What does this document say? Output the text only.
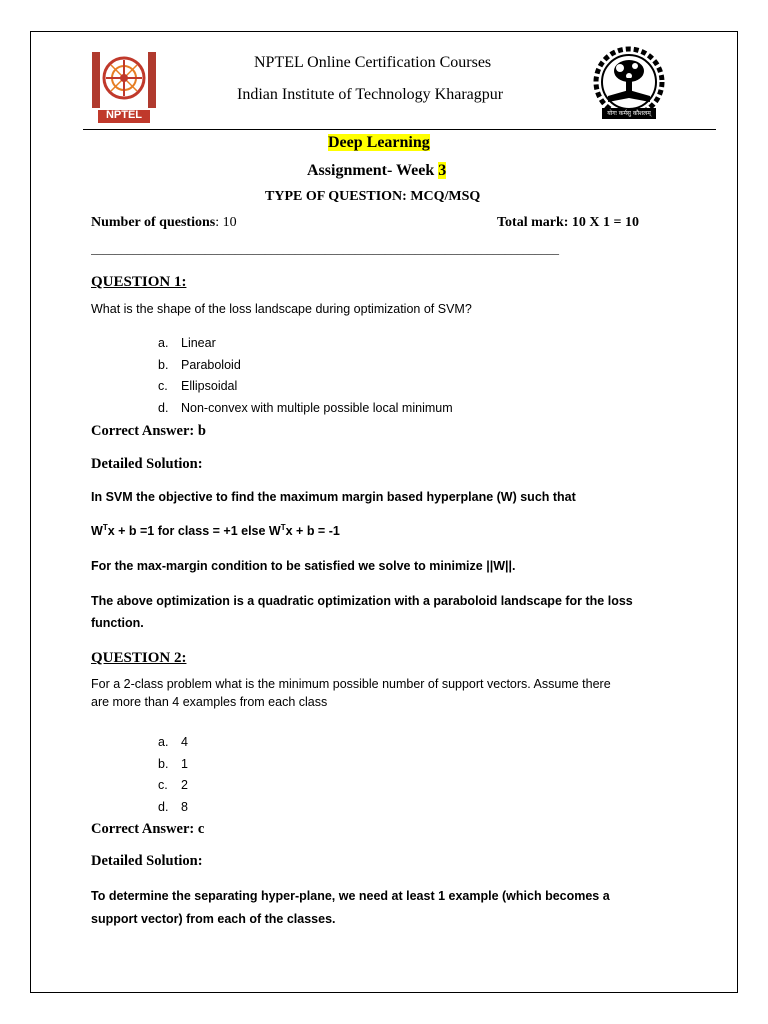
NPTEL	योगः कर्मसु कौशलम्
NPTEL Online Certification Courses
Indian Institute of Technology Kharagpur
Deep Learning
Assignment- Week 3
TYPE OF QUESTION: MCQ/MSQ
Number of questions: 10	Total mark: 10 X 1 = 10
______________________________________________________________________________
QUESTION 1:
What is the shape of the loss landscape during optimization of SVM?
a. Linear
b. Paraboloid
c. Ellipsoidal
d. Non-convex with multiple possible local minimum
Correct Answer: b
Detailed Solution:
In SVM the objective to find the maximum margin based hyperplane (W) such that
$W^Tx + b =1$ for class = +1 else $W^Tx + b = -1$
For the max-margin condition to be satisfied we solve to minimize ||W||.
The above optimization is a quadratic optimization with a paraboloid landscape for the loss
function.
QUESTION 2:
For a 2-class problem what is the minimum possible number of support vectors. Assume there
are more than 4 examples from each class
a. 4
b. 1
c. 2
d. 8
Correct Answer: c
Detailed Solution:
To determine the separating hyper-plane, we need at least 1 example (which becomes a
support vector) from each of the classes.
